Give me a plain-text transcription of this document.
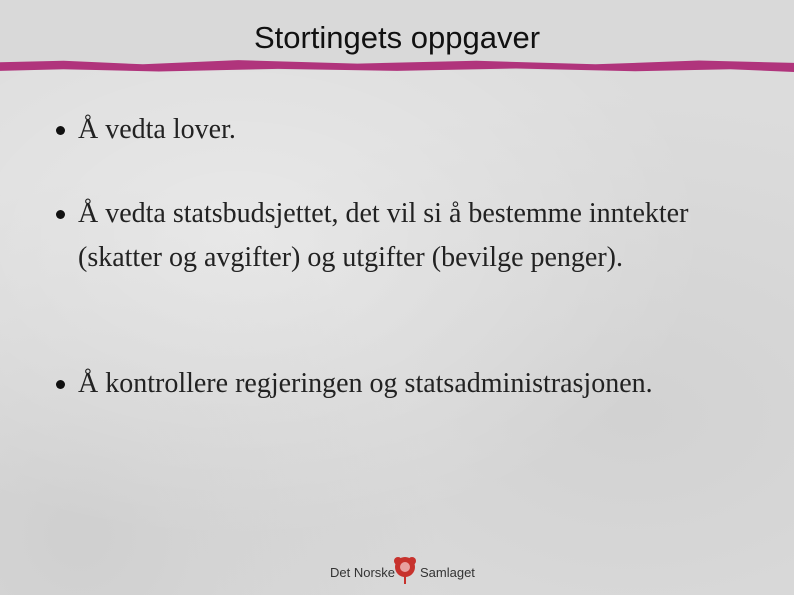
Stortingets oppgaver
Å vedta lover.
Å vedta statsbudsjettet, det vil si å bestemme inntekter (skatter og avgifter) og utgifter (bevilge penger).
Å kontrollere regjeringen og statsadministrasjonen.
Det Norske Samlaget
